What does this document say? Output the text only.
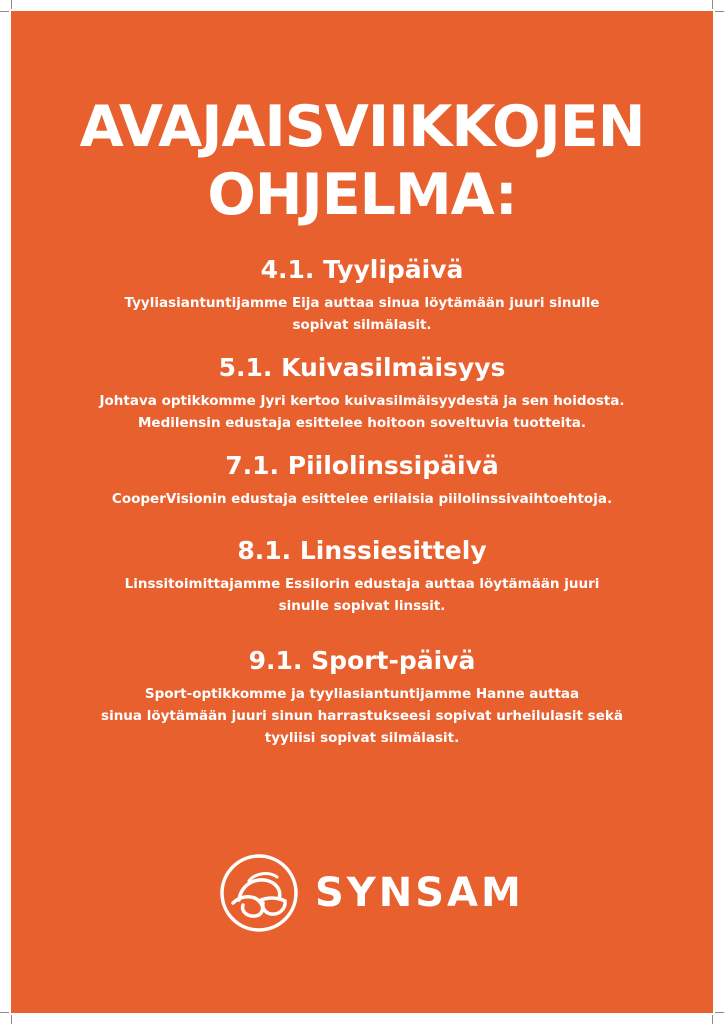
AVAJAISVIIKKOJEN
OHJELMA:
4.1. Tyylipäivä

Tyyliasiantuntijamme Eija auttaa sinua löytämään juuri sinulle
sopivat silmälasit.

5.1. Kuivasilmäisyys

Johtava optikkomme Jyri kertoo kuivasilmäisyydestä ja sen hoidosta.
Medilensin edustaja esittelee hoitoon soveltuvia tuotteita.

7.1. Piilolinssipäivä

CooperVisionin edustaja esittelee erilaisia piilolinssivaihtoehtoja.

8.1. Linssiesittely

Linssitoimittajamme Essilorin edustaja auttaa löytämään juuri
sinulle sopivat linssit.

9.1. Sport-päivä

Sport-optikkomme ja tyyliasiantuntijamme Hanne auttaa
sinua löytämään juuri sinun harrastukseesi sopivat urheilulasit sekä
tyyliisi sopivat silmälasit.

SYNSAM
